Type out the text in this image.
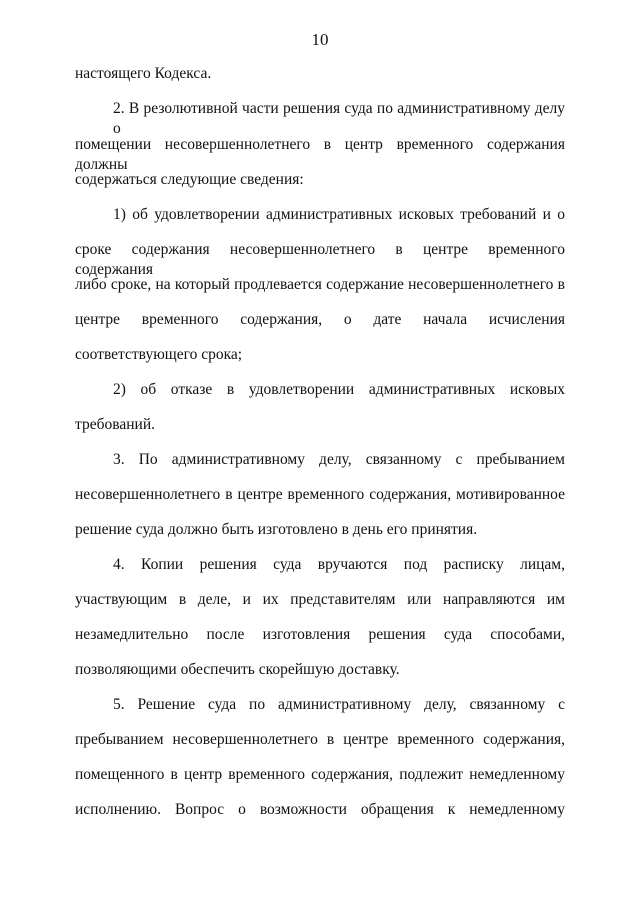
10
настоящего Кодекса.
2. В резолютивной части решения суда по административному делу о
помещении несовершеннолетнего в центр временного содержания должны
содержаться следующие сведения:
1) об удовлетворении административных исковых требований и о
сроке содержания несовершеннолетнего в центре временного содержания
либо сроке, на который продлевается содержание несовершеннолетнего в
центре временного содержания, о дате начала исчисления
соответствующего срока;
2) об отказе в удовлетворении административных исковых
требований.
3. По административному делу, связанному с пребыванием
несовершеннолетнего в центре временного содержания, мотивированное
решение суда должно быть изготовлено в день его принятия.
4. Копии решения суда вручаются под расписку лицам,
участвующим в деле, и их представителям или направляются им
незамедлительно после изготовления решения суда способами,
позволяющими обеспечить скорейшую доставку.
5. Решение суда по административному делу, связанному с
пребыванием несовершеннолетнего в центре временного содержания,
помещенного в центр временного содержания, подлежит немедленному
исполнению. Вопрос о возможности обращения к немедленному
